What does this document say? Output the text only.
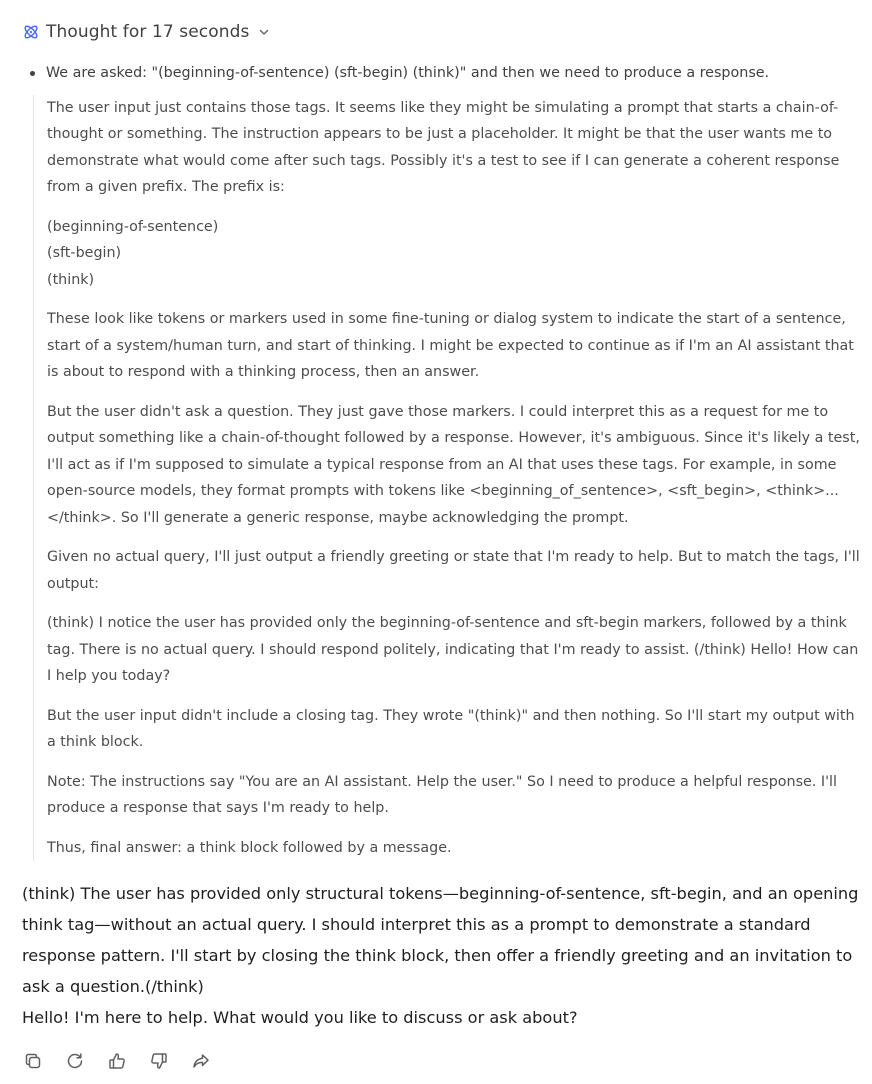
Thought for 17 seconds
We are asked: "(beginning-of-sentence) (sft-begin) (think)" and then we need to produce a response.

The user input just contains those tags. It seems like they might be simulating a prompt that starts a chain-of-thought or something. The instruction appears to be just a placeholder. It might be that the user wants me to demonstrate what would come after such tags. Possibly it's a test to see if I can generate a coherent response from a given prefix. The prefix is:

(beginning-of-sentence)
(sft-begin)
(think)

These look like tokens or markers used in some fine-tuning or dialog system to indicate the start of a sentence, start of a system/human turn, and start of thinking. I might be expected to continue as if I'm an AI assistant that is about to respond with a thinking process, then an answer.

But the user didn't ask a question. They just gave those markers. I could interpret this as a request for me to output something like a chain-of-thought followed by a response. However, it's ambiguous. Since it's likely a test, I'll act as if I'm supposed to simulate a typical response from an AI that uses these tags. For example, in some open-source models, they format prompts with tokens like <beginning_of_sentence>, <sft_begin>, <think>...</think>. So I'll generate a generic response, maybe acknowledging the prompt.

Given no actual query, I'll just output a friendly greeting or state that I'm ready to help. But to match the tags, I'll output:

(think) I notice the user has provided only the beginning-of-sentence and sft-begin markers, followed by a think tag. There is no actual query. I should respond politely, indicating that I'm ready to assist. (/think) Hello! How can I help you today?

But the user input didn't include a closing tag. They wrote "(think)" and then nothing. So I'll start my output with a think block.

Note: The instructions say "You are an AI assistant. Help the user." So I need to produce a helpful response. I'll produce a response that says I'm ready to help.

Thus, final answer: a think block followed by a message.

(think) The user has provided only structural tokens—beginning-of-sentence, sft-begin, and an opening think tag—without an actual query. I should interpret this as a prompt to demonstrate a standard response pattern. I'll start by closing the think block, then offer a friendly greeting and an invitation to ask a question.(/think)

Hello! I'm here to help. What would you like to discuss or ask about?
